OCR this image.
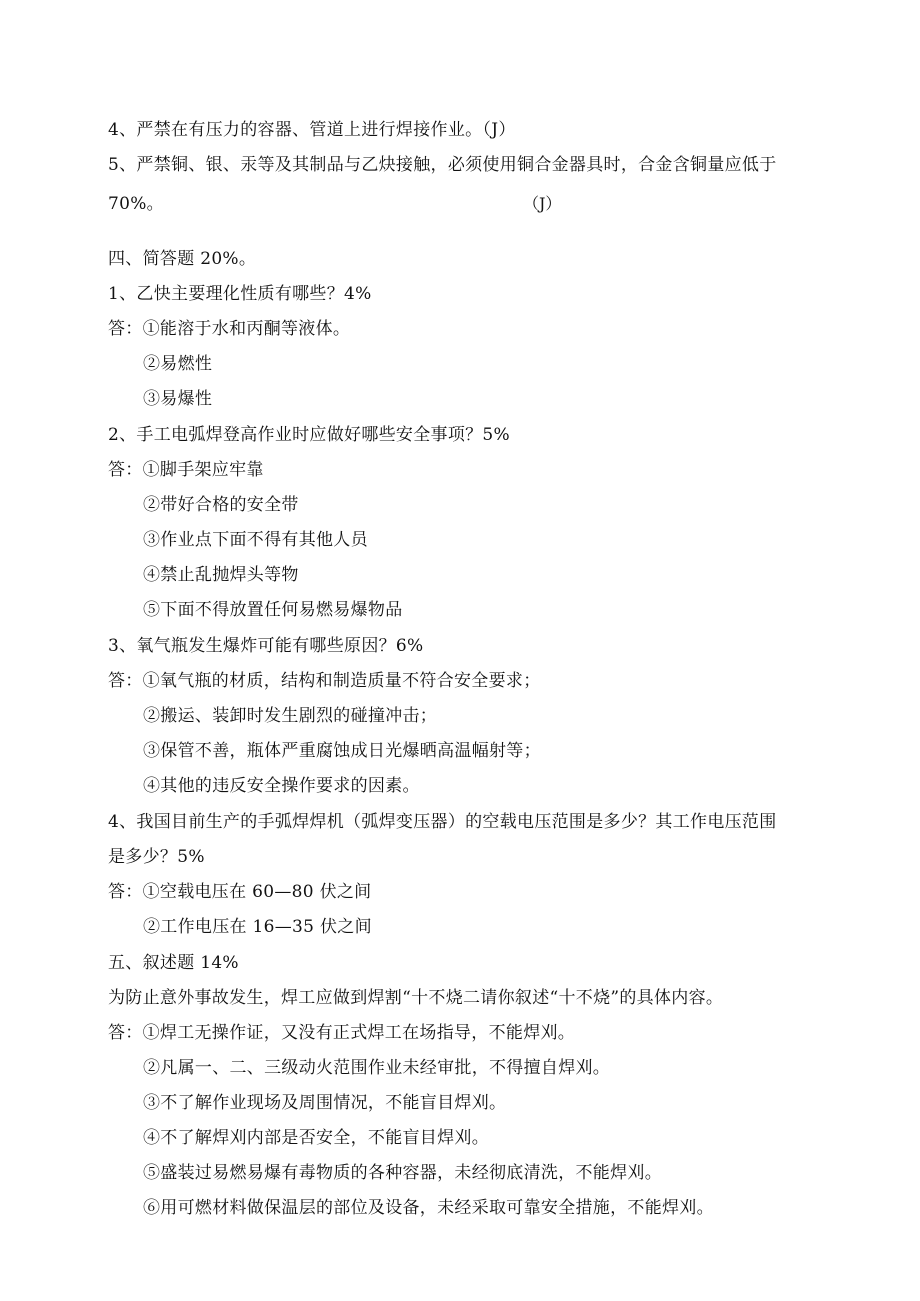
4、严禁在有压力的容器、管道上进行焊接作业。（J）
5、严禁铜、银、汞等及其制品与乙炔接触，必须使用铜合金器具时，合金含铜量应低于
70%。	（J）
四、简答题 20%。
1、乙快主要理化性质有哪些？4%
答：①能溶于水和丙酮等液体。
②易燃性
③易爆性
2、手工电弧焊登高作业时应做好哪些安全事项？5%
答：①脚手架应牢靠
②带好合格的安全带
③作业点下面不得有其他人员
④禁止乱抛焊头等物
⑤下面不得放置任何易燃易爆物品
3、氧气瓶发生爆炸可能有哪些原因？6%
答：①氧气瓶的材质，结构和制造质量不符合安全要求；
②搬运、装卸时发生剧烈的碰撞冲击；
③保管不善，瓶体严重腐蚀成日光爆晒高温幅射等；
④其他的违反安全操作要求的因素。
4、我国目前生产的手弧焊焊机（弧焊变压器）的空载电压范围是多少？其工作电压范围
是多少？5%
答：①空载电压在 60—80 伏之间
②工作电压在 16—35 伏之间
五、叙述题 14%
为防止意外事故发生，焊工应做到焊割“十不烧二请你叙述“十不烧”的具体内容。
答：①焊工无操作证，又没有正式焊工在场指导，不能焊刈。
②凡属一、二、三级动火范围作业未经审批，不得擅自焊刈。
③不了解作业现场及周围情况，不能盲目焊刈。
④不了解焊刈内部是否安全，不能盲目焊刈。
⑤盛装过易燃易爆有毒物质的各种容器，未经彻底清洗，不能焊刈。
⑥用可燃材料做保温层的部位及设备，未经采取可靠安全措施，不能焊刈。
